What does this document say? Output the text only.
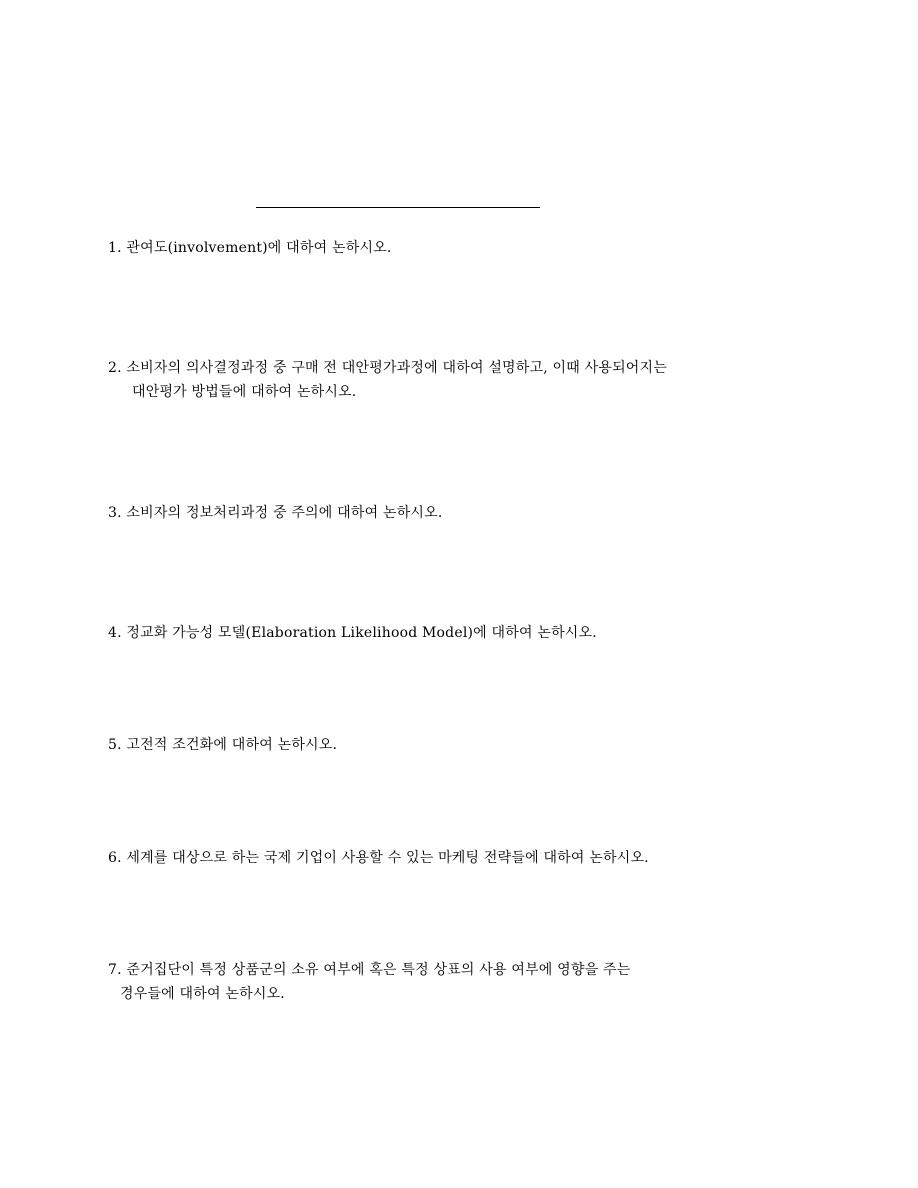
1. 관여도(involvement)에 대하여 논하시오.
2. 소비자의 의사결정과정 중 구매 전 대안평가과정에 대하여 설명하고, 이때 사용되어지는
대안평가 방법들에 대하여 논하시오.
3. 소비자의 정보처리과정 중 주의에 대하여 논하시오.
4. 정교화 가능성 모델(Elaboration Likelihood Model)에 대하여 논하시오.
5. 고전적 조건화에 대하여 논하시오.
6. 세계를 대상으로 하는 국제 기업이 사용할 수 있는 마케팅 전략들에 대하여 논하시오.
7. 준거집단이 특정 상품군의 소유 여부에 혹은 특정 상표의 사용 여부에 영향을 주는
경우들에 대하여 논하시오.
